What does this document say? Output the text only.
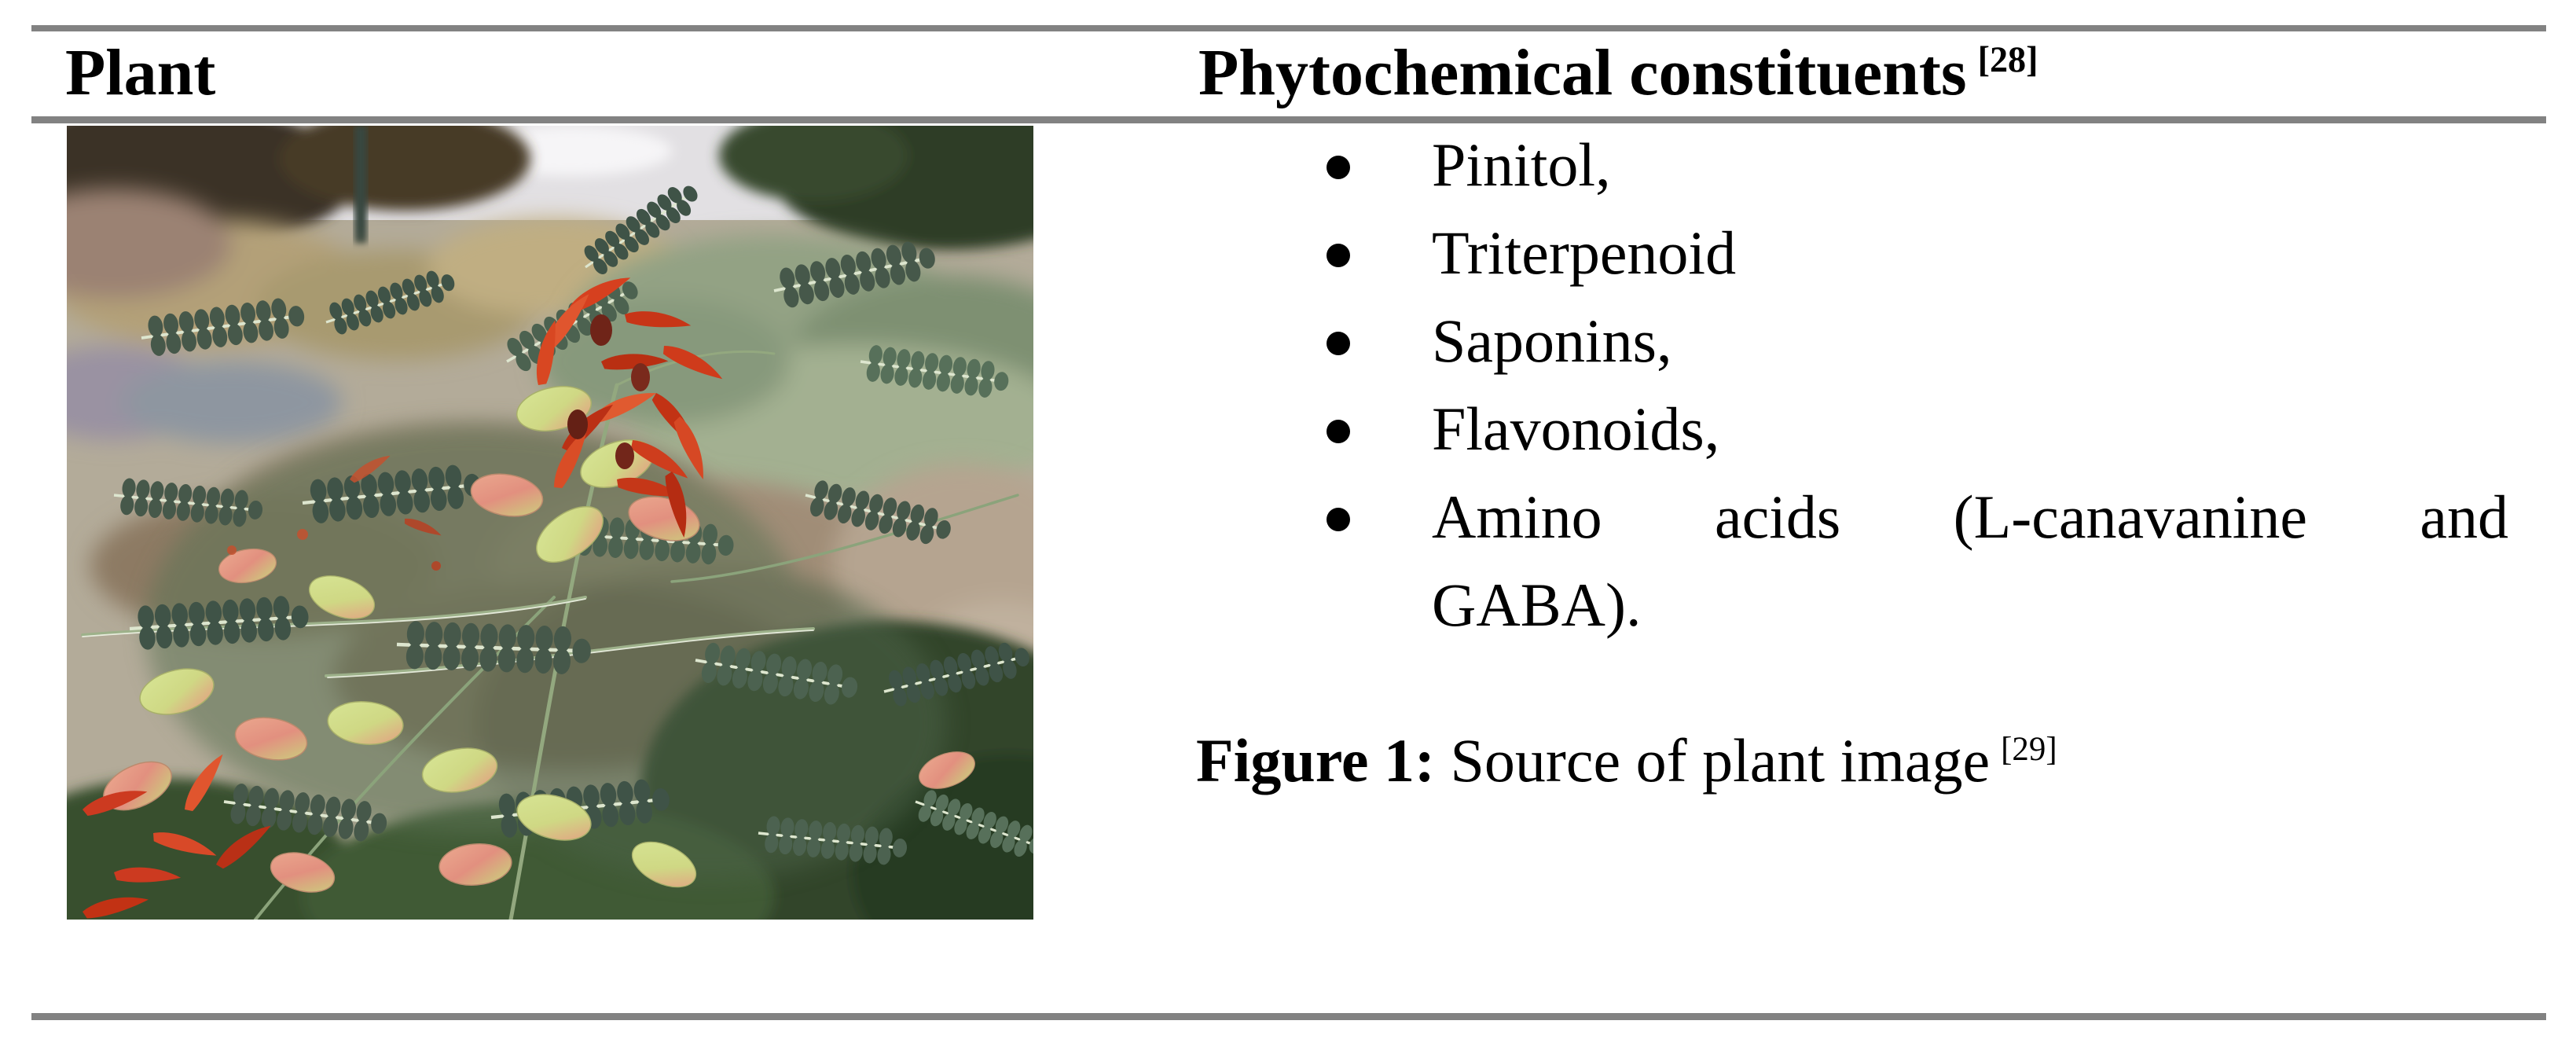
Plant	Phytochemical constituents [28]
Pinitol,
Triterpenoid
Saponins,
Flavonoids,
Amino acids (L-canavanine and
GABA).
Figure 1: Source of plant image [29]
